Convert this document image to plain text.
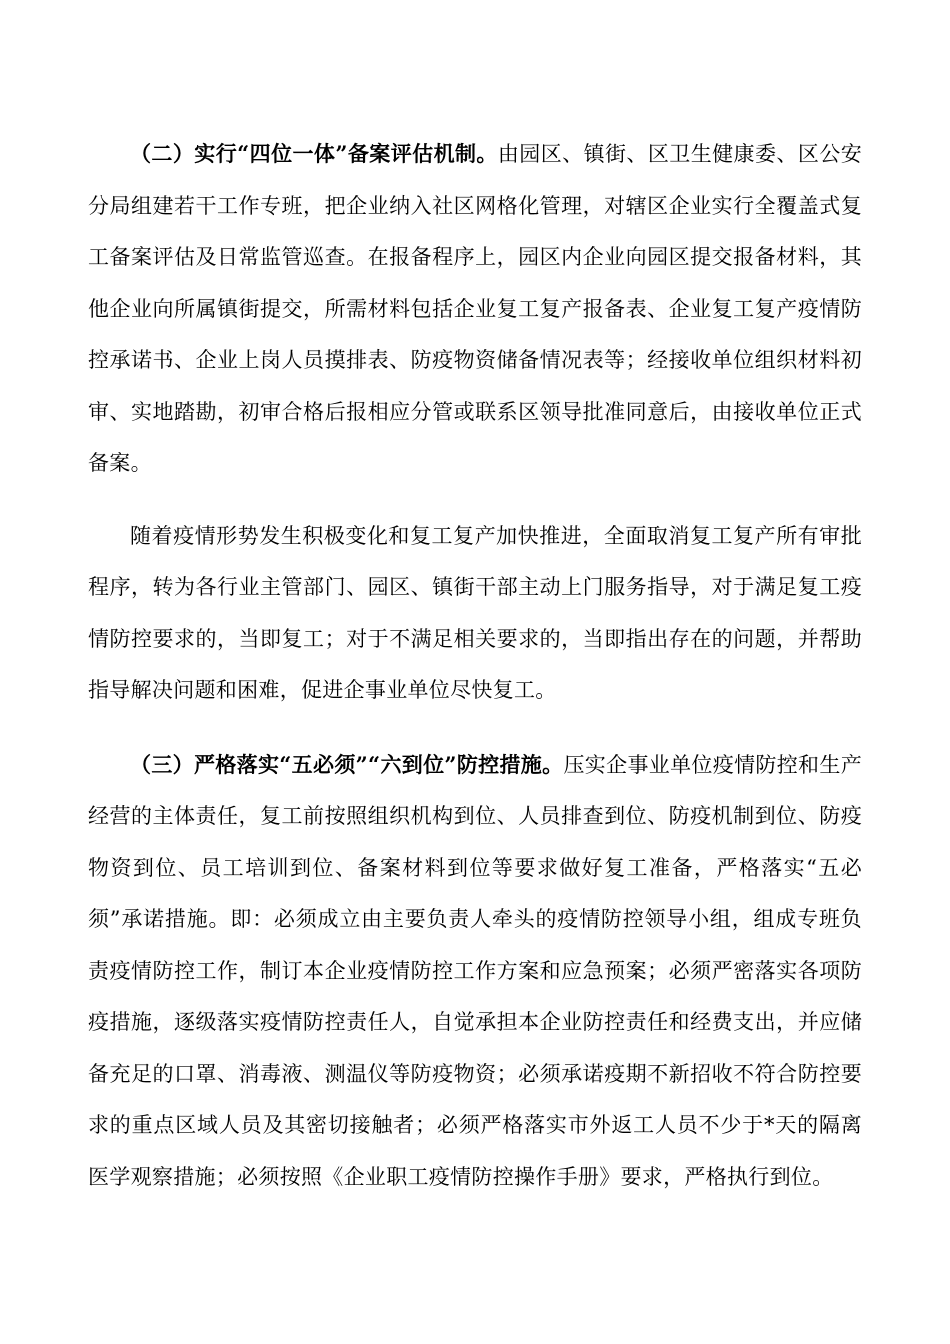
（二）实行“四位一体”备案评估机制。由园区、镇街、区卫生健康委、区公安分局组建若干工作专班，把企业纳入社区网格化管理，对辖区企业实行全覆盖式复工备案评估及日常监管巡查。在报备程序上，园区内企业向园区提交报备材料，其他企业向所属镇街提交，所需材料包括企业复工复产报备表、企业复工复产疫情防控承诺书、企业上岗人员摸排表、防疫物资储备情况表等；经接收单位组织材料初审、实地踏勘，初审合格后报相应分管或联系区领导批准同意后，由接收单位正式备案。

随着疫情形势发生积极变化和复工复产加快推进，全面取消复工复产所有审批程序，转为各行业主管部门、园区、镇街干部主动上门服务指导，对于满足复工疫情防控要求的，当即复工；对于不满足相关要求的，当即指出存在的问题，并帮助指导解决问题和困难，促进企事业单位尽快复工。

（三）严格落实“五必须”“六到位”防控措施。压实企事业单位疫情防控和生产经营的主体责任，复工前按照组织机构到位、人员排查到位、防疫机制到位、防疫物资到位、员工培训到位、备案材料到位等要求做好复工准备，严格落实“五必须”承诺措施。即：必须成立由主要负责人牵头的疫情防控领导小组，组成专班负责疫情防控工作，制订本企业疫情防控工作方案和应急预案；必须严密落实各项防疫措施，逐级落实疫情防控责任人，自觉承担本企业防控责任和经费支出，并应储备充足的口罩、消毒液、测温仪等防疫物资；必须承诺疫期不新招收不符合防控要求的重点区域人员及其密切接触者；必须严格落实市外返工人员不少于*天的隔离医学观察措施；必须按照《企业职工疫情防控操作手册》要求，严格执行到位。
